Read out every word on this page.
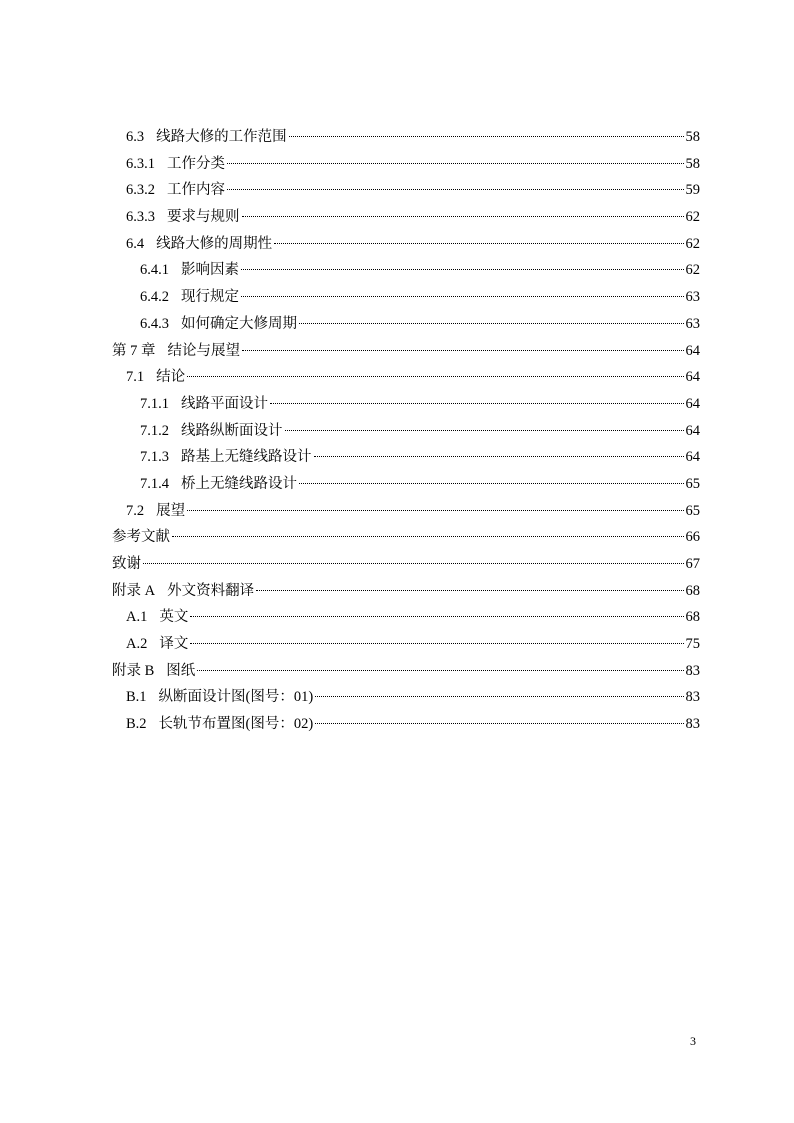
6.3 线路大修的工作范围	58
6.3.1 工作分类	58
6.3.2 工作内容	59
6.3.3 要求与规则	62
6.4 线路大修的周期性	62
6.4.1 影响因素	62
6.4.2 现行规定	63
6.4.3 如何确定大修周期	63
第 7 章 结论与展望	64
7.1 结论	64
7.1.1 线路平面设计	64
7.1.2 线路纵断面设计	64
7.1.3 路基上无缝线路设计	64
7.1.4 桥上无缝线路设计	65
7.2 展望	65
参考文献	66
致谢	67
附录 A 外文资料翻译	68
A.1 英文	68
A.2 译文	75
附录 B 图纸	83
B.1 纵断面设计图(图号：01)	83
B.2 长轨节布置图(图号：02)	83
3
